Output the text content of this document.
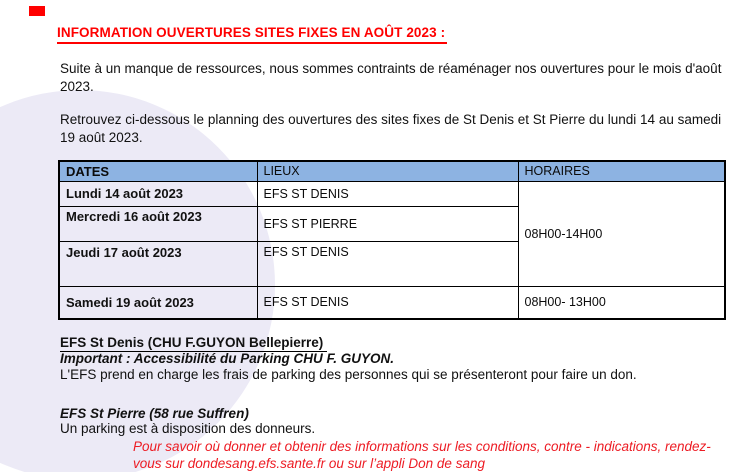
INFORMATION OUVERTURES SITES FIXES EN AOÛT 2023 :
Suite à un manque de ressources, nous sommes contraints de réaménager nos ouvertures pour le mois d'août 2023.
Retrouvez ci-dessous le planning des ouvertures des sites fixes de St Denis et St Pierre du lundi 14 au samedi 19 août 2023.
DATES	LIEUX	HORAIRES
Lundi 14 août 2023	EFS ST DENIS	08H00-14H00
Mercredi 16 août 2023	EFS ST PIERRE	
Jeudi 17 août 2023	EFS ST DENIS	
Samedi 19 août 2023	EFS ST DENIS	08H00- 13H00
EFS St Denis (CHU F.GUYON Bellepierre)
Important : Accessibilité du Parking CHU F. GUYON.
L'EFS prend en charge les frais de parking des personnes qui se présenteront pour faire un don.
EFS St Pierre (58 rue Suffren)
Un parking est à disposition des donneurs.
Pour savoir où donner et obtenir des informations sur les conditions, contre - indications, rendez-
vous sur dondesang.efs.sante.fr ou sur l’appli Don de sang
